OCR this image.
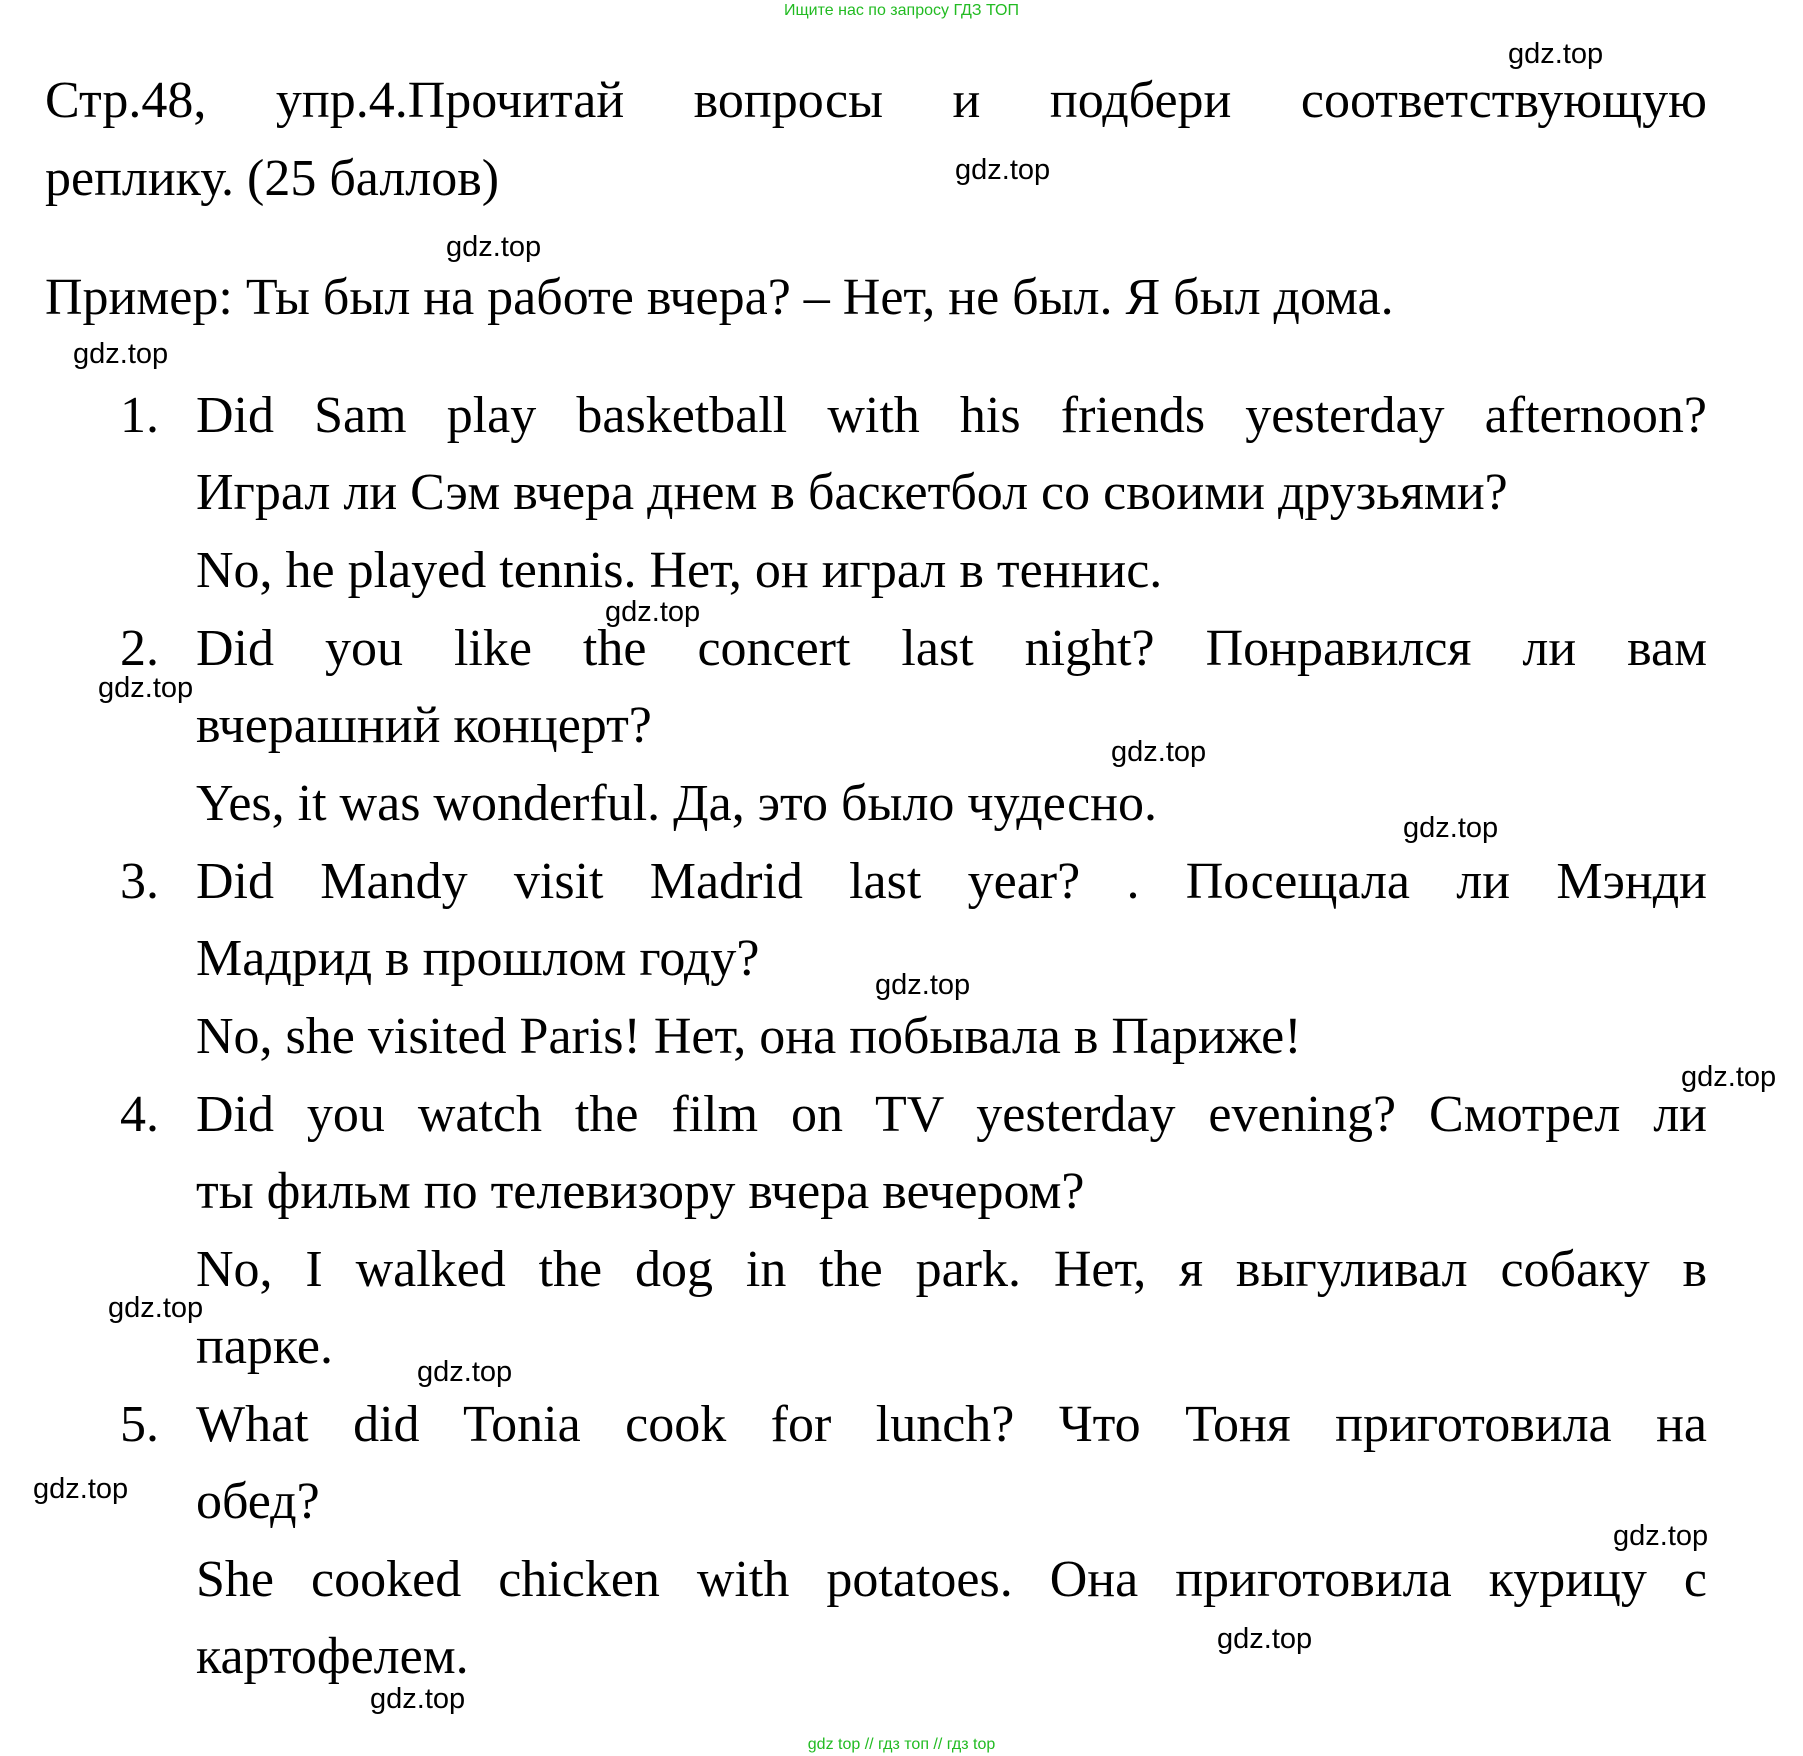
Ищите нас по запросу ГДЗ ТОП
Стр.48, упр.4.Прочитай вопросы и подбери соответствующую
реплику. (25 баллов)
Пример: Ты был на работе вчера? – Нет, не был. Я был дома.
1. Did Sam play basketball with his friends yesterday afternoon?
Играл ли Сэм вчера днем в баскетбол со своими друзьями?
No, he played tennis. Нет, он играл в теннис.
2. Did you like the concert last night? Понравился ли вам
вчерашний концерт?
Yes, it was wonderful. Да, это было чудесно.
3. Did Mandy visit Madrid last year? . Посещала ли Мэнди
Мадрид в прошлом году?
No, she visited Paris! Нет, она побывала в Париже!
4. Did you watch the film on TV yesterday evening? Смотрел ли
ты фильм по телевизору вчера вечером?
No, I walked the dog in the park. Нет, я выгуливал собаку в
парке.
5. What did Tonia cook for lunch? Что Тоня приготовила на
обед?
She cooked chicken with potatoes. Она приготовила курицу с
картофелем.
gdz.top
gdz.top
gdz.top
gdz.top
gdz.top
gdz.top
gdz.top
gdz.top
gdz.top
gdz.top
gdz.top
gdz.top
gdz.top
gdz.top
gdz.top
gdz.top
gdz top // гдз топ // гдз top
